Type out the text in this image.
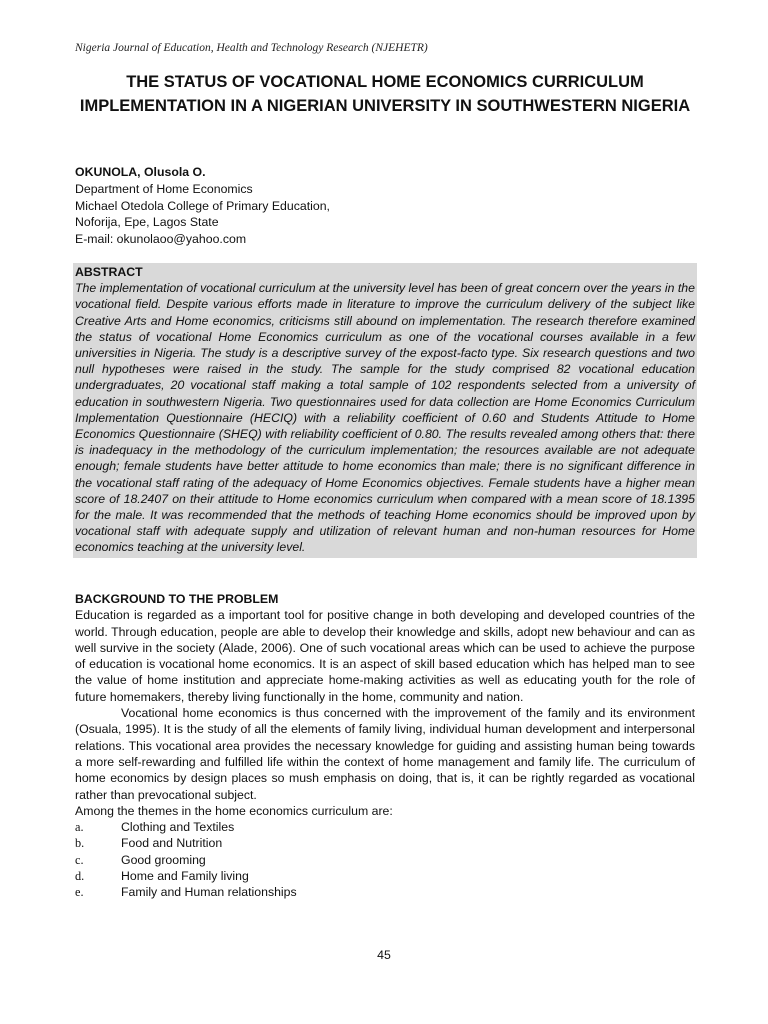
Nigeria Journal of Education, Health and Technology Research (NJEHETR)
THE STATUS OF VOCATIONAL HOME ECONOMICS CURRICULUM IMPLEMENTATION IN A NIGERIAN UNIVERSITY IN SOUTHWESTERN NIGERIA
OKUNOLA, Olusola O.
Department of Home Economics
Michael Otedola College of Primary Education,
Noforija, Epe, Lagos State
E-mail: okunolaoo@yahoo.com
ABSTRACT
The implementation of vocational curriculum at the university level has been of great concern over the years in the vocational field. Despite various efforts made in literature to improve the curriculum delivery of the subject like Creative Arts and Home economics, criticisms still abound on implementation. The research therefore examined the status of vocational Home Economics curriculum as one of the vocational courses available in a few universities in Nigeria. The study is a descriptive survey of the expost-facto type. Six research questions and two null hypotheses were raised in the study. The sample for the study comprised 82 vocational education undergraduates, 20 vocational staff making a total sample of 102 respondents selected from a university of education in southwestern Nigeria. Two questionnaires used for data collection are Home Economics Curriculum Implementation Questionnaire (HECIQ) with a reliability coefficient of 0.60 and Students Attitude to Home Economics Questionnaire (SHEQ) with reliability coefficient of 0.80. The results revealed among others that: there is inadequacy in the methodology of the curriculum implementation; the resources available are not adequate enough; female students have better attitude to home economics than male; there is no significant difference in the vocational staff rating of the adequacy of Home Economics objectives. Female students have a higher mean score of 18.2407 on their attitude to Home economics curriculum when compared with a mean score of 18.1395 for the male. It was recommended that the methods of teaching Home economics should be improved upon by vocational staff with adequate supply and utilization of relevant human and non-human resources for Home economics teaching at the university level.
BACKGROUND TO THE PROBLEM

Education is regarded as a important tool for positive change in both developing and developed countries of the world. Through education, people are able to develop their knowledge and skills, adopt new behaviour and can as well survive in the society (Alade, 2006). One of such vocational areas which can be used to achieve the purpose of education is vocational home economics. It is an aspect of skill based education which has helped man to see the value of home institution and appreciate home-making activities as well as educating youth for the role of future homemakers, thereby living functionally in the home, community and nation.

Vocational home economics is thus concerned with the improvement of the family and its environment (Osuala, 1995). It is the study of all the elements of family living, individual human development and interpersonal relations. This vocational area provides the necessary knowledge for guiding and assisting human being towards a more self-rewarding and fulfilled life within the context of home management and family life. The curriculum of home economics by design places so mush emphasis on doing, that is, it can be rightly regarded as vocational rather than prevocational subject.

Among the themes in the home economics curriculum are:

a.	Clothing and Textiles
b.	Food and Nutrition
c.	Good grooming
d.	Home and Family living
e.	Family and Human relationships
45
